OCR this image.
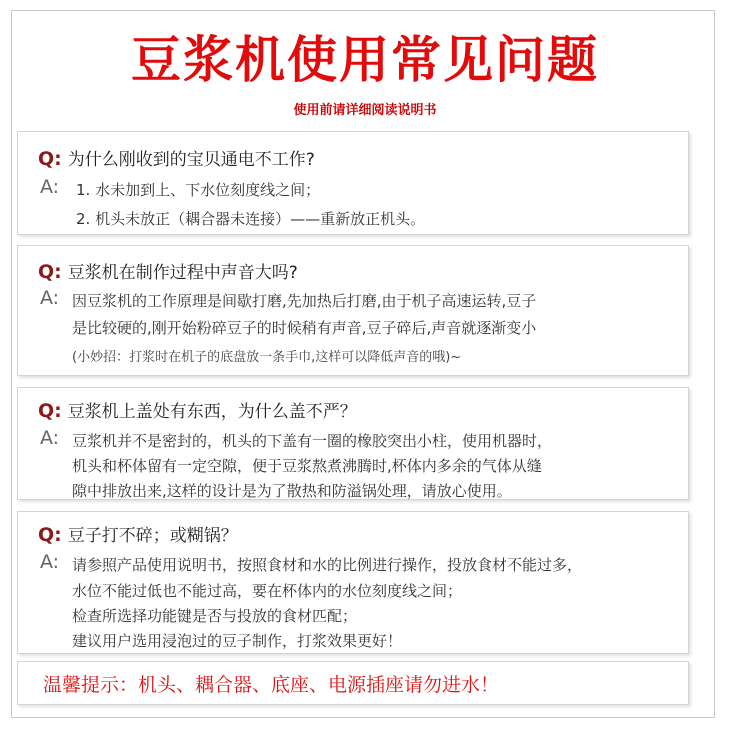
豆浆机使用常见问题
使用前请详细阅读说明书
Q: 为什么刚收到的宝贝通电不工作?
A: 1. 水未加到上、下水位刻度线之间；
2. 机头未放正（耦合器未连接）——重新放正机头。
Q: 豆浆机在制作过程中声音大吗?
A: 因豆浆机的工作原理是间歇打磨,先加热后打磨,由于机子高速运转,豆子
是比较硬的,刚开始粉碎豆子的时候稍有声音,豆子碎后,声音就逐渐变小
(小妙招：打浆时在机子的底盘放一条手巾,这样可以降低声音的哦)~
Q: 豆浆机上盖处有东西，为什么盖不严？
A: 豆浆机并不是密封的，机头的下盖有一圈的橡胶突出小柱，使用机器时，
机头和杯体留有一定空隙，便于豆浆熬煮沸腾时,杯体内多余的气体从缝
隙中排放出来,这样的设计是为了散热和防溢锅处理，请放心使用。
Q: 豆子打不碎；或糊锅？
A: 请参照产品使用说明书，按照食材和水的比例进行操作，投放食材不能过多，
水位不能过低也不能过高，要在杯体内的水位刻度线之间；
检查所选择功能键是否与投放的食材匹配；
建议用户选用浸泡过的豆子制作，打浆效果更好！
温馨提示：机头、耦合器、底座、电源插座请勿进水！
